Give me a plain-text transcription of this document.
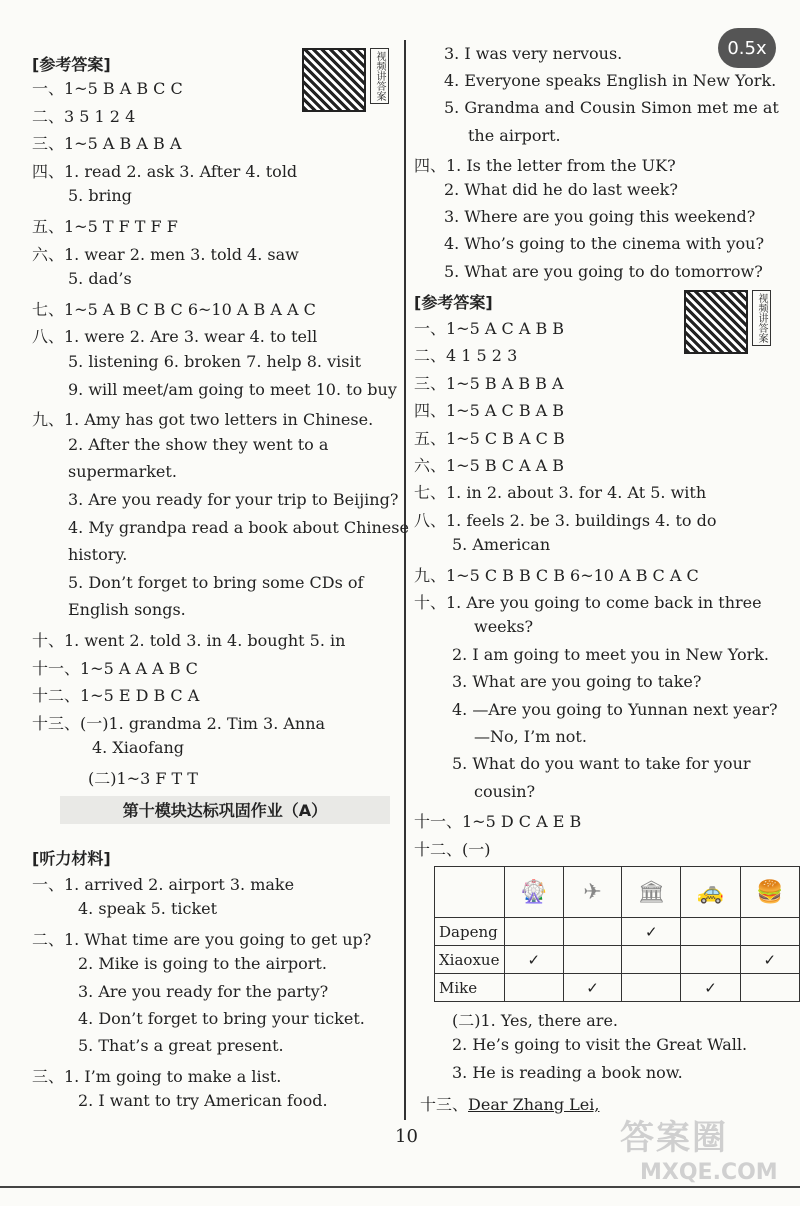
0.5x
[参考答案]	视频讲答案
一、1~5 B A B C C
二、3 5 1 2 4
三、1~5 A B A B A
四、1. read 2. ask 3. After 4. told
5. bring
五、1~5 T F T F F
六、1. wear 2. men 3. told 4. saw
5. dad’s
七、1~5 A B C B C 6~10 A B A A C
八、1. were 2. Are 3. wear 4. to tell
5. listening 6. broken 7. help 8. visit
9. will meet/am going to meet 10. to buy
九、1. Amy has got two letters in Chinese.
2. After the show they went to a
supermarket.
3. Are you ready for your trip to Beijing?
4. My grandpa read a book about Chinese
history.
5. Don’t forget to bring some CDs of
English songs.
十、1. went 2. told 3. in 4. bought 5. in
十一、1~5 A A A B C
十二、1~5 E D B C A
十三、(一)1. grandma 2. Tim 3. Anna
4. Xiaofang
(二)1~3 F T T
第十模块达标巩固作业（A）
[听力材料]
一、1. arrived 2. airport 3. make
4. speak 5. ticket
二、1. What time are you going to get up?
2. Mike is going to the airport.
3. Are you ready for the party?
4. Don’t forget to bring your ticket.
5. That’s a great present.
三、1. I’m going to make a list.
2. I want to try American food.
3. I was very nervous.
4. Everyone speaks English in New York.
5. Grandma and Cousin Simon met me at
the airport.
四、1. Is the letter from the UK?
2. What did he do last week?
3. Where are you going this weekend?
4. Who’s going to the cinema with you?
5. What are you going to do tomorrow?
[参考答案]	视频讲答案
一、1~5 A C A B B
二、4 1 5 2 3
三、1~5 B A B B A
四、1~5 A C B A B
五、1~5 C B A C B
六、1~5 B C A A B
七、1. in 2. about 3. for 4. At 5. with
八、1. feels 2. be 3. buildings 4. to do
5. American
九、1~5 C B B C B 6~10 A B C A C
十、1. Are you going to come back in three
weeks?
2. I am going to meet you in New York.
3. What are you going to take?
4. —Are you going to Yunnan next year?
—No, I’m not.
5. What do you want to take for your
cousin?
十一、1~5 D C A E B
十二、(一)
	🎡	✈	🏛	🚕	🍔
Dapeng			✓		
Xiaoxue	✓				✓
Mike		✓		✓	
(二)1. Yes, there are.
2. He’s going to visit the Great Wall.
3. He is reading a book now.
十三、Dear Zhang Lei,
10	答案圈
MXQE.COM
